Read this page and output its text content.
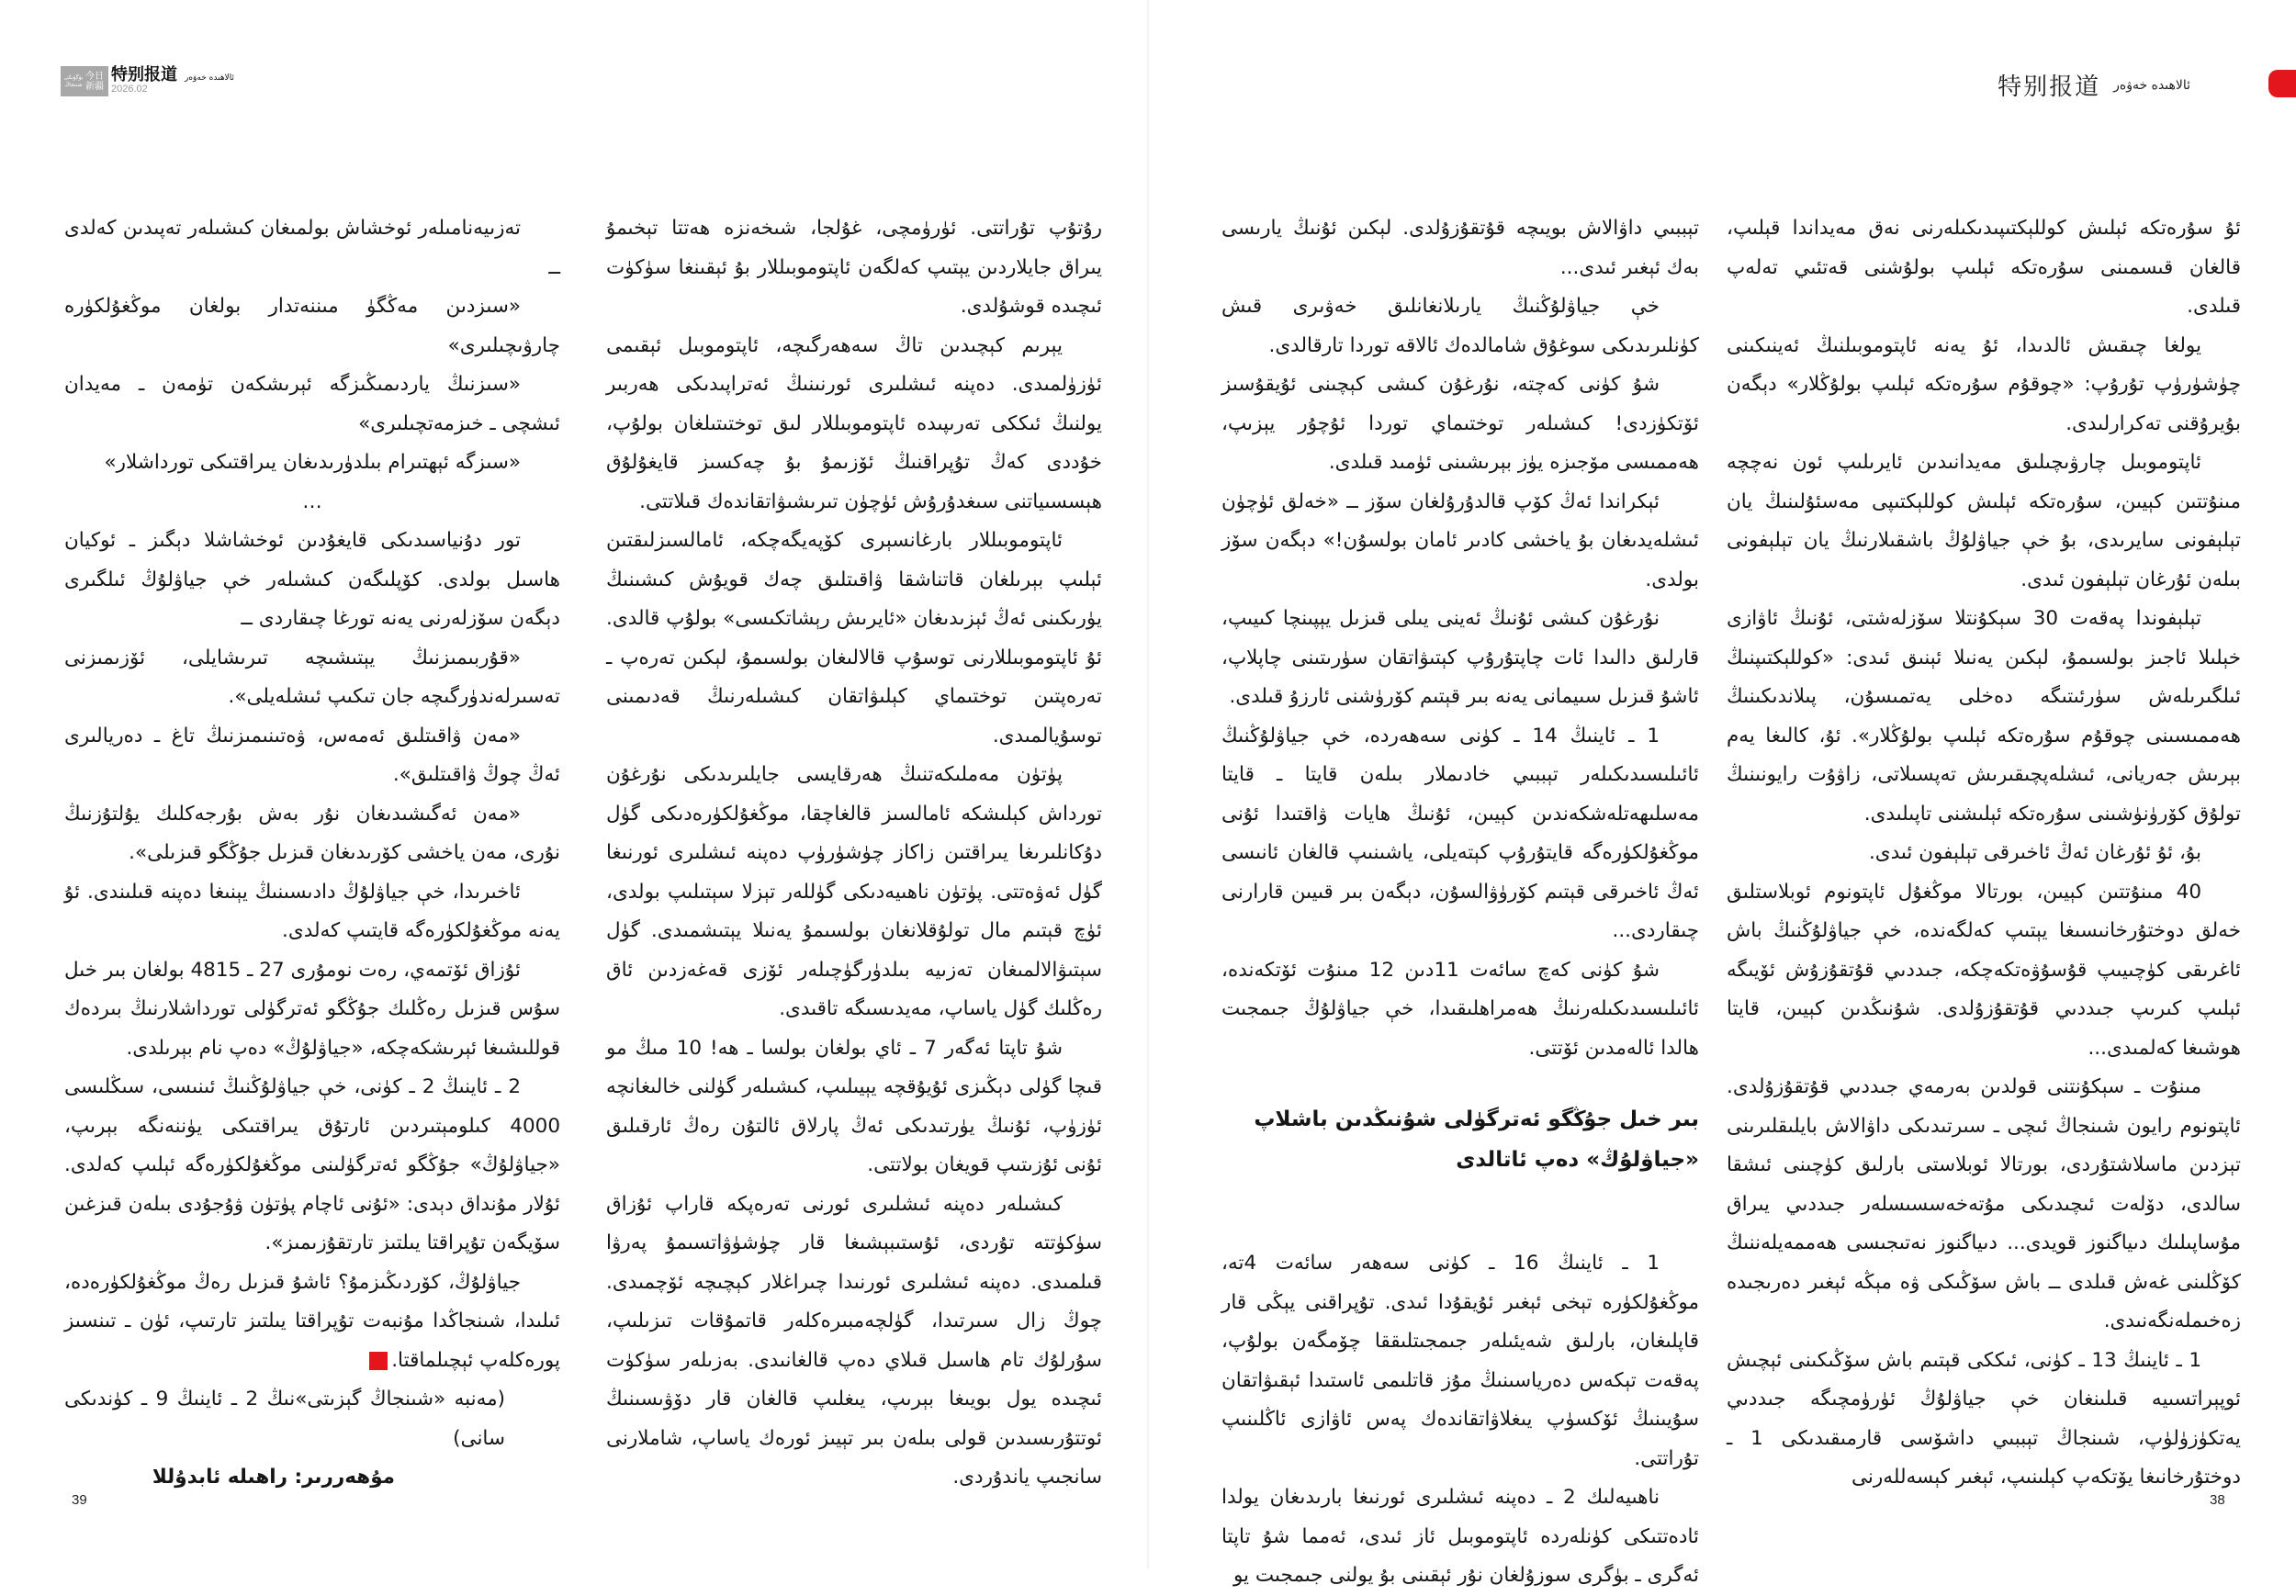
بۈگۈنكى شىنجاڭ
今日新疆
特别报道 ئالاھىدە خەۋەر
2026.02	特别报道 ئالاھىدە خەۋەر

ئۇ سۇرەتكە ئېلىش كوللېكتىپىدىكىلەرنى نەق مەيداندا قېلىپ، قالغان قىسمىنى سۇرەتكە ئېلىپ بولۇشنى قەتئىي تەلەپ قىلدى.

يولغا چىقىش ئالدىدا، ئۇ يەنە ئاپتوموبىلنىڭ ئەينىكىنى چۈشۈرۈپ تۇرۇپ: «چوقۇم سۇرەتكە ئېلىپ بولۇڭلار» دېگەن بۇيرۇقنى تەكرارلىدى.

ئاپتوموبىل چارۋىچىلىق مەيدانىدىن ئايرىلىپ ئون نەچچە مىنۇتتىن كېيىن، سۇرەتكە ئېلىش كوللېكتىپى مەسئۇلىنىڭ يان تېلېفونى سايرىدى، بۇ خې جياۋلۇڭ باشقىلارنىڭ يان تېلېفونى بىلەن ئۇرغان تېلېفون ئىدى.

تېلېفوندا پەقەت 30 سېكۇنتلا سۆزلەشتى، ئۇنىڭ ئاۋازى خېلىلا ئاجىز بولسىمۇ، لېكىن يەنىلا ئېنىق ئىدى: «كوللېكتىپنىڭ ئىلگىرىلەش سۈرئىتىگە دەخلى يەتمىسۇن، پىلاندىكىنىڭ ھەممىسىنى چوقۇم سۇرەتكە ئېلىپ بولۇڭلار». ئۇ، كالىغا يەم بېرىش جەريانى، ئىشلەپچىقىرىش تەپسىلاتى، زاۋۇت رايونىنىڭ تولۇق كۆرۈنۈشىنى سۇرەتكە ئېلىشنى تاپىلىدى.

بۇ، ئۇ ئۇرغان ئەڭ ئاخىرقى تېلېفون ئىدى.

40 مىنۇتتىن كېيىن، بورتالا موڭغۇل ئاپتونوم ئوبلاستلىق خەلق دوختۇرخانىسىغا يېتىپ كەلگەندە، خې جياۋلۇڭنىڭ باش ئاغرىقى كۈچىيىپ قۇسۇۋەتكەچكە، جىددىي قۇتقۇزۇش ئۆيىگە ئېلىپ كىرىپ جىددىي قۇتقۇزۇلدى. شۇنىڭدىن كېيىن، قايتا ھوشىغا كەلمىدى...

مىنۇت ـ سېكۇنتنى قولدىن بەرمەي جىددىي قۇتقۇزۇلدى. ئاپتونوم رايون شىنجاڭ ئىچى ـ سىرتىدىكى داۋالاش بايلىقلىرىنى تېزدىن ماسلاشتۇردى، بورتالا ئوبلاستى بارلىق كۈچىنى ئىشقا سالدى، دۆلەت ئىچىدىكى مۇتەخەسسىسلەر جىددىي يىراق مۇساپىلىك دىياگنوز قويدى... دىياگنوز نەتىجىسى ھەممەيلەننىڭ كۆڭلىنى غەش قىلدى ــ باش سۆڭىكى ۋە مېڭە ئېغىر دەرىجىدە زەخىملەنگەنىدى.

1 ـ ئاينىڭ 13 ـ كۈنى، ئىككى قېتىم باش سۆڭىكىنى ئېچىش ئوپېراتسىيە قىلىنغان خې جياۋلۇڭ ئۈرۈمچىگە جىددىي يەتكۈزۈلۈپ، شىنجاڭ تېببىي داشۆسى قارمىقىدىكى 1 ـ دوختۇرخانىغا يۆتكەپ كېلىنىپ، ئېغىر كېسەللەرنى

تېببىي داۋالاش بويىچە قۇتقۇزۇلدى. لېكىن ئۇنىڭ يارىسى بەك ئېغىر ئىدى...

خې جياۋلۇڭنىڭ يارىلانغانلىق خەۋىرى قىش كۈنلىرىدىكى سوغۇق شامالدەك ئالاقە توردا تارقالدى.

شۇ كۈنى كەچتە، نۇرغۇن كىشى كېچىنى ئۇيقۇسىز ئۆتكۈزدى! كىشىلەر توختىماي توردا ئۇچۇر يېزىپ، ھەممىسى مۆجىزە يۈز بېرىشىنى ئۈمىد قىلدى.

ئېكراندا ئەڭ كۆپ قالدۇرۇلغان سۆز ــ «خەلق ئۈچۈن ئىشلەيدىغان بۇ ياخشى كادىر ئامان بولسۇن!» دېگەن سۆز بولدى.

نۇرغۇن كىشى ئۇنىڭ ئەينى يىلى قىزىل يېپىنچا كىيىپ، قارلىق دالىدا ئات چاپتۇرۇپ كېتىۋاتقان سۈرىتىنى چاپلاپ، ئاشۇ قىزىل سىيمانى يەنە بىر قېتىم كۆرۈشنى ئارزۇ قىلدى.

1 ـ ئاينىڭ 14 ـ كۈنى سەھەردە، خې جياۋلۇڭنىڭ ئائىلىسىدىكىلەر تېببىي خادىملار بىلەن قايتا ـ قايتا مەسلىھەتلەشكەندىن كېيىن، ئۇنىڭ ھايات ۋاقتىدا ئۇنى موڭغۇلكۈرەگە قايتۇرۇپ كېتەيلى، ياشىنىپ قالغان ئانىسى ئەڭ ئاخىرقى قېتىم كۆرۈۋالسۇن، دېگەن بىر قىيىن قارارنى چىقاردى...

شۇ كۈنى كەچ سائەت 11دىن 12 مىنۇت ئۆتكەندە، ئائىلىسىدىكىلەرنىڭ ھەمراھلىقىدا، خې جياۋلۇڭ جىمجىت ھالدا ئالەمدىن ئۆتتى.

بىر خىل جۇڭگو ئەترگۈلى شۇنىڭدىن باشلاپ «جياۋلۇڭ» دەپ ئاتالدى

1 ـ ئاينىڭ 16 ـ كۈنى سەھەر سائەت 4تە، موڭغۇلكۈرە تېخى ئېغىر ئۇيقۇدا ئىدى. تۇپراقنى يېڭى قار قاپلىغان، بارلىق شەيئىلەر جىمجىتلىققا چۆمگەن بولۇپ، پەقەت تېكەس دەرياسىنىڭ مۇز قاتلىمى ئاستىدا ئېقىۋاتقان سۇيىنىڭ ئۆكسۈپ يىغلاۋاتقاندەك پەس ئاۋازى ئاڭلىنىپ تۇراتتى.

ناھىيەلىك 2 ـ دەپنە ئىشلىرى ئورنىغا بارىدىغان يولدا ئادەتتىكى كۈنلەردە ئاپتوموبىل ئاز ئىدى، ئەمما شۇ تاپتا ئەگرى ـ بۈگرى سوزۇلغان نۇر ئېقىنى بۇ يولنى جىمجىت يو‍

رۇتۇپ تۇراتتى. ئۈرۈمچى، غۇلجا، شىخەنزە ھەتتا تېخىمۇ يىراق جايلاردىن يېتىپ كەلگەن ئاپتوموبىللار بۇ ئېقىنغا سۈكۈت ئىچىدە قوشۇلدى.

يېرىم كېچىدىن تاڭ سەھەرگىچە، ئاپتوموبىل ئېقىمى ئۈزۈلمىدى. دەپنە ئىشلىرى ئورنىنىڭ ئەتراپىدىكى ھەربىر يولنىڭ ئىككى تەرىپىدە ئاپتوموبىللار لىق توختىتىلغان بولۇپ، خۇددى كەڭ تۇپراقنىڭ ئۆزىمۇ بۇ چەكسىز قايغۇلۇق ھېسسىياتنى سىغدۇرۇش ئۈچۈن تىرىشىۋاتقاندەك قىلاتتى.

ئاپتوموبىللار بارغانسېرى كۆپەيگەچكە، ئامالسىزلىقتىن ئېلىپ بېرىلغان قاتناشقا ۋاقىتلىق چەك قويۇش كىشىنىڭ يۈرىكىنى ئەڭ ئېزىدىغان «ئايرىش رېشاتكىسى» بولۇپ قالدى. ئۇ ئاپتوموبىللارنى توسۇپ قالالىغان بولسىمۇ، لېكىن تەرەپ ـ تەرەپتىن توختىماي كېلىۋاتقان كىشىلەرنىڭ قەدىمىنى توسۇيالمىدى.

پۈتۈن مەملىكەتنىڭ ھەرقايسى جايلىرىدىكى نۇرغۇن تورداش كېلىشكە ئامالسىز قالغاچقا، موڭغۇلكۈرەدىكى گۈل دۇكانلىرىغا يىراقتىن زاكاز چۈشۈرۈپ دەپنە ئىشلىرى ئورنىغا گۈل ئەۋەتتى. پۈتۈن ناھىيەدىكى گۈللەر تېزلا سېتىلىپ بولدى، ئۈچ قېتىم مال تولۇقلانغان بولسىمۇ يەنىلا يېتىشمىدى. گۈل سېتىۋالالمىغان تەزىيە بىلدۈرگۈچىلەر ئۆزى قەغەزدىن ئاق رەڭلىك گۈل ياساپ، مەيدىسىگە تاقىدى.

شۇ تاپتا ئەگەر 7 ـ ئاي بولغان بولسا ـ ھە! 10 مىڭ مو قىچا گۈلى دېڭىزى ئۇيۇقچە يېيىلىپ، كىشىلەر گۈلنى خالىغانچە ئۈزۈپ، ئۇنىڭ يۈرتىدىكى ئەڭ پارلاق ئالتۇن رەڭ ئارقىلىق ئۇنى ئۇزىتىپ قويغان بولاتتى.

كىشىلەر دەپنە ئىشلىرى ئورنى تەرەپكە قاراپ ئۇزاق سۈكۈتتە تۇردى، ئۇستىبېشىغا قار چۈشۈۋاتسىمۇ پەرۋا قىلمىدى. دەپنە ئىشلىرى ئورنىدا چىراغلار كېچىچە ئۆچمىدى. چوڭ زال سىرتىدا، گۈلچەمبىرەكلەر قاتمۇقات تىزىلىپ، سۇرلۇك تام ھاسىل قىلاي دەپ قالغانىدى. بەزىلەر سۈكۈت ئىچىدە يول بويىغا بېرىپ، يىغلىپ قالغان قار دۆۋىسىنىڭ ئوتتۇرىسىدىن قولى بىلەن بىر تېيىز ئورەك ياساپ، شاملارنى سانجىپ ياندۇردى.

تەزىيەنامىلەر ئوخشاش بولمىغان كىشىلەر تەپىدىن كەلدى ــ

«سىزدىن مەڭگۈ مىننەتدار بولغان موڭغۇلكۈرە چارۋىچىلىرى»

«سىزنىڭ ياردىمىڭىزگە ئېرىشكەن تۈمەن ـ مەيدان ئىشچى ـ خىزمەتچىلىرى»

«سىزگە ئېھتىرام بىلدۈرىدىغان يىراقتىكى تورداشلار»

…

تور دۇنياسىدىكى قايغۇدىن ئوخشاشلا دېگىز ـ ئوكيان ھاسىل بولدى. كۆپلىگەن كىشىلەر خې جياۋلۇڭ ئىلگىرى دېگەن سۆزلەرنى يەنە تورغا چىقاردى ــ

«قۇربىمىزنىڭ يېتىشىچە تىرىشايلى، ئۆزىمىزنى تەسىرلەندۈرگىچە جان تىكىپ ئىشلەيلى».

«مەن ۋاقىتلىق ئەمەس، ۋەتىنىمىزنىڭ تاغ ـ دەريالىرى ئەڭ چوڭ ۋاقىتلىق».

«مەن ئەگىشىدىغان نۇر بەش بۇرجەكلىك يۇلتۇزنىڭ نۇرى، مەن ياخشى كۆرىدىغان قىزىل جۇڭگو قىزىلى».

ئاخىرىدا، خې جياۋلۇڭ دادىسىنىڭ يېنىغا دەپنە قىلىندى. ئۇ يەنە موڭغۇلكۈرەگە قايتىپ كەلدى.

ئۇزاق ئۆتمەي، رەت نومۇرى 27 ـ 4815 بولغان بىر خىل سۇس قىزىل رەڭلىك جۇڭگو ئەترگۈلى تورداشلارنىڭ بىردەك قوللىشىغا ئېرىشكەچكە، «جياۋلۇڭ» دەپ نام بېرىلدى.

2 ـ ئاينىڭ 2 ـ كۈنى، خې جياۋلۇڭنىڭ ئىنىسى، سىڭلىسى 4000 كىلومېتىردىن ئارتۇق يىراقتىكى يۈننەنگە بېرىپ، «جياۋلۇڭ» جۇڭگو ئەترگۈلىنى موڭغۇلكۈرەگە ئېلىپ كەلدى. ئۇلار مۇنداق دېدى: «ئۇنى ئاچام پۈتۈن ۋۇجۇدى بىلەن قىزغىن سۆيگەن تۇپراقتا يىلتىز تارتقۇزىمىز».

جياۋلۇڭ، كۆردىڭىزمۇ؟ ئاشۇ قىزىل رەڭ موڭغۇلكۈرەدە، ئىلىدا، شىنجاڭدا مۇنبەت تۇپراقتا يىلتىز تارتىپ، ئۈن ـ تىنسىز پورەكلەپ ئېچىلماقتا.ل

(مەنبە «شىنجاڭ گېزىتى»نىڭ 2 ـ ئاينىڭ 9 ـ كۈندىكى سانى)

مۇھەررىر: راھىلە ئابدۇللا

39	38
